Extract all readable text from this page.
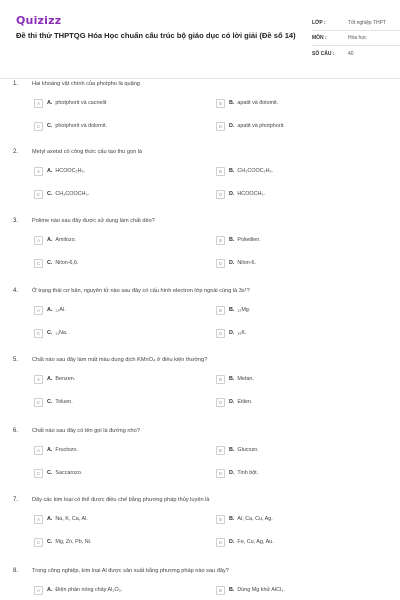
Quizizz
Đề thi thử THPTQG Hóa Học chuẩn cấu trúc bộ giáo dục có lời giải (Đề số 14)
LỚP :	Tốt nghiệp THPT
MÔN :	Hóa học
SỐ CÂU :	40
1. Hai khoáng vật chính của photpho là quặng
A	A. photphorit và cacnelit	B	B. apatit và đolomit.
C	C. photphorit và đolomit.	D	D. apatit và photphorit.
2. Metyl axetat có công thức cấu tạo thu gọn là
A	A. HCOOC₂H₅.	B	B. CH₃COOC₂H₅.
C	C. CH₃COOCH₃.	D	D. HCOOCH₃.
3. Polime nào sau đây được sử dụng làm chất dẻo?
A	A. Amilozo.	B	B. Polietilen.
C	C. Nilon-6,6.	D	D. Nilon-6.
4. Ở trạng thái cơ bản, nguyên tử nào sau đây có cấu hình electron lớp ngoài cùng là 3s¹?
A	A. ₁₃Al.	B	B. ₁₂Mg.
C	C. ₁₁Na.	D	D. ₁₉K.
5. Chất nào sau đây làm mất màu dung dịch KMnO₄ ở điều kiện thường?
A	A. Benzen.	B	B. Metan.
C	C. Toluen.	D	D. Etilen.
6. Chất nào sau đây có tên gọi là đường nho?
A	A. Fructozo.	B	B. Glucozo.
C	C. Saccarozo.	D	D. Tinh bột.
7. Dãy các kim loại có thể được điều chế bằng phương pháp thủy luyện là
A	A. Na, K, Ca, Al.	B	B. Al, Ca, Cu, Ag.
C	C. Mg, Zn, Pb, Ni.	D	D. Fe, Cu, Ag, Au.
8. Trong công nghiệp, kim loại Al được sản xuất bằng phương pháp nào sau đây?
A	A. Điện phân nóng chảy Al₂O₃.	B	B. Dùng Mg khử AlCl₃.
